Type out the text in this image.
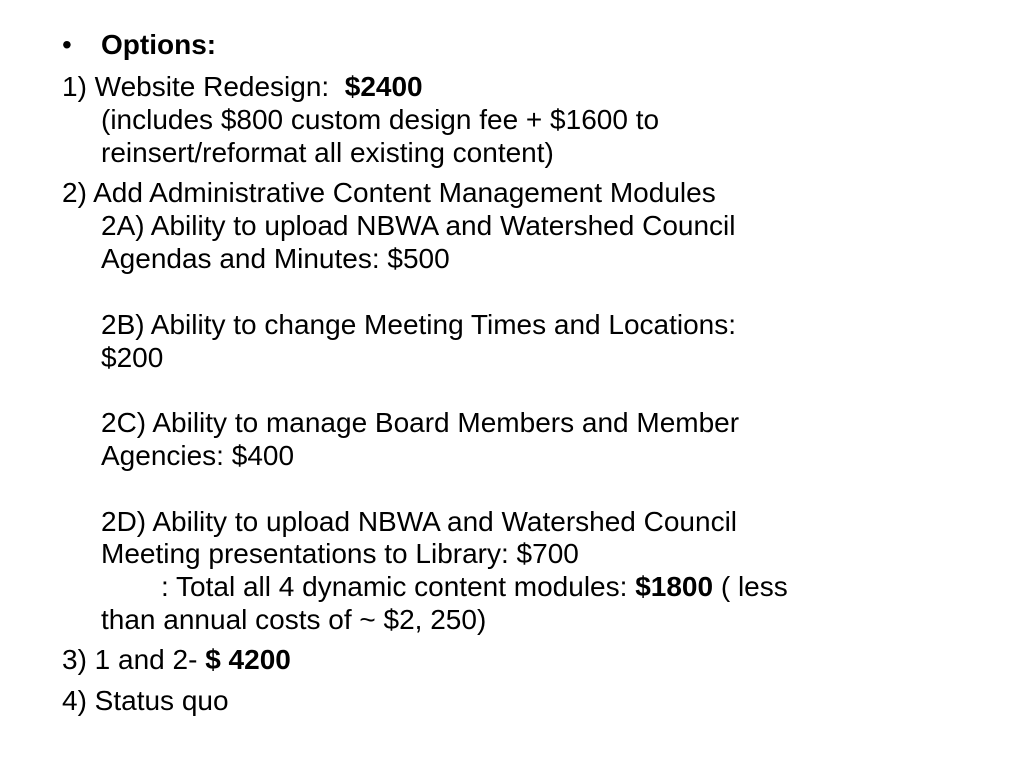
• Options:
1) Website Redesign: $2400
(includes $800 custom design fee + $1600 to
reinsert/reformat all existing content)
2) Add Administrative Content Management Modules
2A) Ability to upload NBWA and Watershed Council
Agendas and Minutes: $500
2B) Ability to change Meeting Times and Locations:
$200
2C) Ability to manage Board Members and Member
Agencies: $400
2D) Ability to upload NBWA and Watershed Council
Meeting presentations to Library: $700
: Total all 4 dynamic content modules: $1800 ( less
than annual costs of ~ $2, 250)
3) 1 and 2- $ 4200
4) Status quo
